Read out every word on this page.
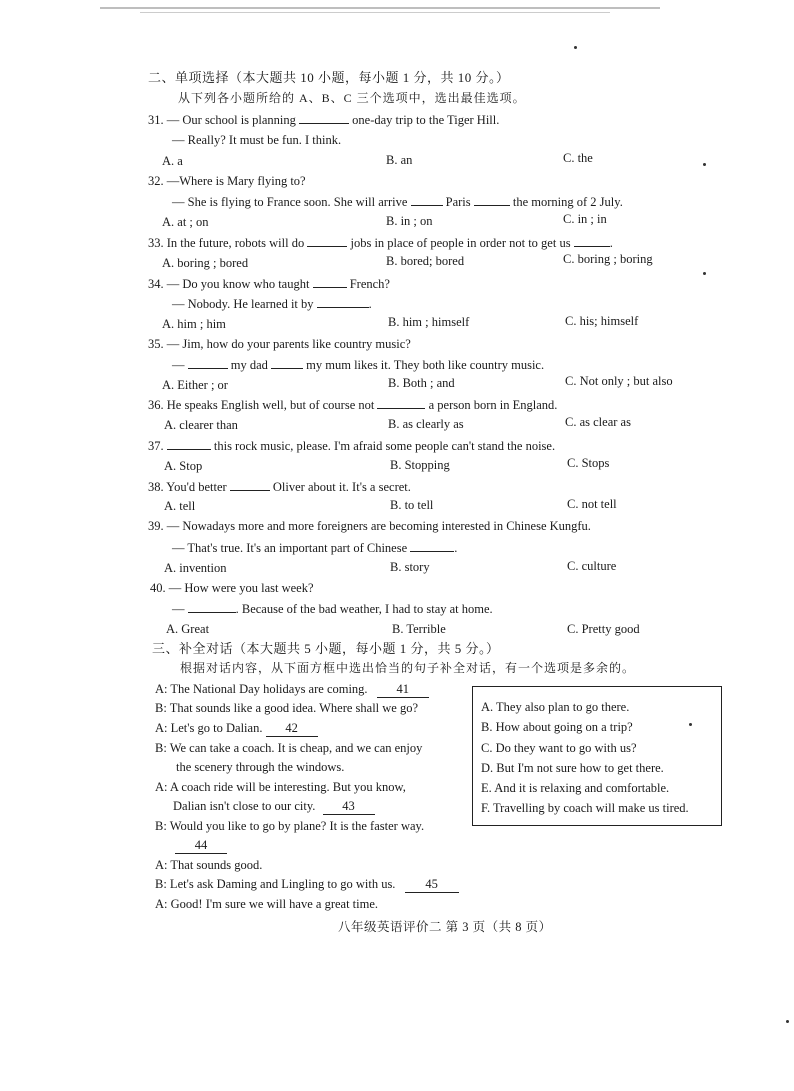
二、单项选择（本大题共 10 小题，每小题 1 分，共 10 分。）
从下列各小题所给的 A、B、C 三个选项中，选出最佳选项。
31. — Our school is planning	one-day trip to the Tiger Hill.
— Really? It must be fun. I think.
A. a	B. an	C. the
32. —Where is Mary flying to?
— She is flying to France soon. She will arrive	Paris	the morning of 2 July.
A. at ; on	B. in ; on	C. in ; in
33. In the future, robots will do	jobs in place of people in order not to get us	.
A. boring ; bored	B. bored; bored	C. boring ; boring
34. — Do you know who taught	French?
— Nobody. He learned it by	.
A. him ; him	B. him ; himself	C. his; himself
35. — Jim, how do your parents like country music?
—	my dad	my mum likes it. They both like country music.
A. Either ; or	B. Both ; and	C. Not only ; but also
36. He speaks English well, but of course not	a person born in England.
A. clearer than	B. as clearly as	C. as clear as
37.	this rock music, please. I'm afraid some people can't stand the noise.
A. Stop	B. Stopping	C. Stops
38. You'd better	Oliver about it. It's a secret.
A. tell	B. to tell	C. not tell
39. — Nowadays more and more foreigners are becoming interested in Chinese Kungfu.
— That's true. It's an important part of Chinese	.
A. invention	B. story	C. culture
40. — How were you last week?
—	. Because of the bad weather, I had to stay at home.
A. Great	B. Terrible	C. Pretty good
三、补全对话（本大题共 5 小题，每小题 1 分，共 5 分。）
根据对话内容，从下面方框中选出恰当的句子补全对话，有一个选项是多余的。
A: The National Day holidays are coming. 41
B: That sounds like a good idea. Where shall we go?
A: Let's go to Dalian. 42
B: We can take a coach. It is cheap, and we can enjoy
the scenery through the windows.
A: A coach ride will be interesting. But you know,
Dalian isn't close to our city. 43
B: Would you like to go by plane? It is the faster way.
44
A: That sounds good.
B: Let's ask Daming and Lingling to go with us. 45
A: Good! I'm sure we will have a great time.
A. They also plan to go there.
B. How about going on a trip?
C. Do they want to go with us?
D. But I'm not sure how to get there.
E. And it is relaxing and comfortable.
F. Travelling by coach will make us tired.
八年级英语评价二 第 3 页（共 8 页）
